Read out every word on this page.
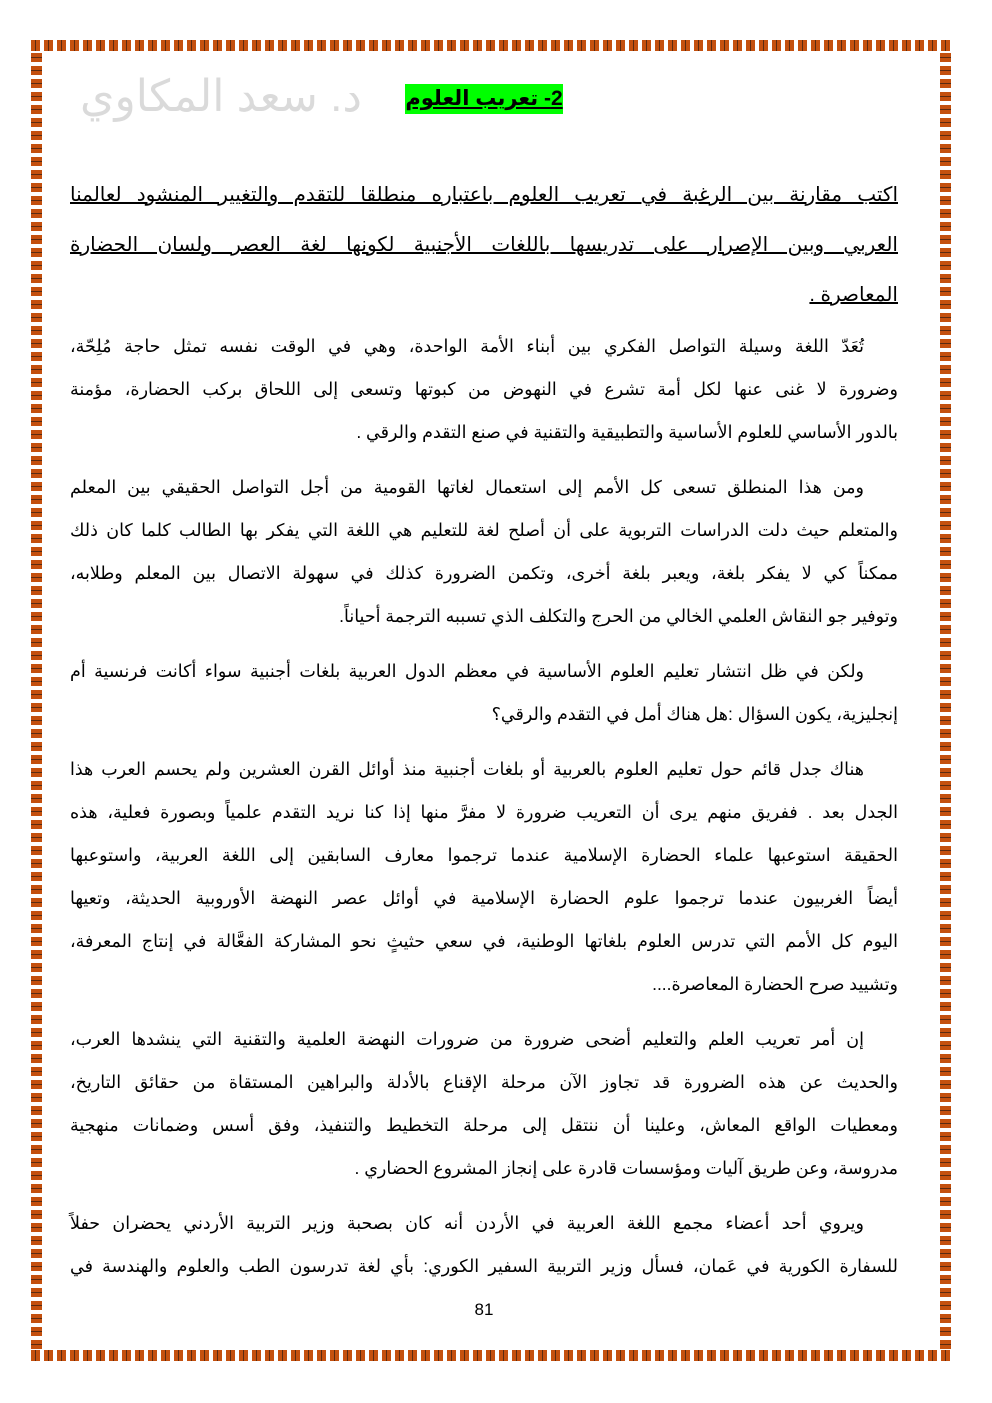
2- تعريب العلوم
د. سعد المكاوي
اكتب مقارنة بين الرغبة في تعريب العلوم باعتباره منطلقا للتقدم والتغيير المنشود لعالمنا
العربي وبين الإصرار على تدريسها باللغات الأجنبية لكونها لغة العصر ولسان الحضارة
المعاصرة .
تُعَدّ اللغة وسيلة التواصل الفكري بين أبناء الأمة الواحدة، وهي في الوقت نفسه تمثل حاجة مُلِحّة،
وضرورة لا غنى عنها لكل أمة تشرع في النهوض من كبوتها وتسعى إلى اللحاق بركب الحضارة، مؤمنة
بالدور الأساسي للعلوم الأساسية والتطبيقية والتقنية في صنع التقدم والرقي .
ومن هذا المنطلق تسعى كل الأمم إلى استعمال لغاتها القومية من أجل التواصل الحقيقي بين المعلم
والمتعلم حيث دلت الدراسات التربوية على أن أصلح لغة للتعليم هي اللغة التي يفكر بها الطالب كلما كان ذلك
ممكناً كي لا يفكر بلغة، ويعبر بلغة أخرى، وتكمن الضرورة كذلك في سهولة الاتصال بين المعلم وطلابه،
وتوفير جو النقاش العلمي الخالي من الحرج والتكلف الذي تسببه الترجمة أحياناً.
ولكن في ظل انتشار تعليم العلوم الأساسية في معظم الدول العربية بلغات أجنبية سواء أكانت فرنسية أم
إنجليزية، يكون السؤال :هل هناك أمل في التقدم والرقي؟
هناك جدل قائم حول تعليم العلوم بالعربية أو بلغات أجنبية منذ أوائل القرن العشرين ولم يحسم العرب هذا
الجدل بعد . ففريق منهم يرى أن التعريب ضرورة لا مفرَّ منها إذا كنا نريد التقدم علمياً وبصورة فعلية، هذه
الحقيقة استوعبها علماء الحضارة الإسلامية عندما ترجموا معارف السابقين إلى اللغة العربية، واستوعبها
أيضاً الغربيون عندما ترجموا علوم الحضارة الإسلامية في أوائل عصر النهضة الأوروبية الحديثة، وتعيها
اليوم كل الأمم التي تدرس العلوم بلغاتها الوطنية، في سعي حثيثٍ نحو المشاركة الفعَّالة في إنتاج المعرفة،
وتشييد صرح الحضارة المعاصرة....
إن أمر تعريب العلم والتعليم أضحى ضرورة من ضرورات النهضة العلمية والتقنية التي ينشدها العرب،
والحديث عن هذه الضرورة قد تجاوز الآن مرحلة الإقناع بالأدلة والبراهين المستقاة من حقائق التاريخ،
ومعطيات الواقع المعاش، وعلينا أن ننتقل إلى مرحلة التخطيط والتنفيذ، وفق أسس وضمانات منهجية
مدروسة، وعن طريق آليات ومؤسسات قادرة على إنجاز المشروع الحضاري .
ويروي أحد أعضاء مجمع اللغة العربية في الأردن أنه كان بصحبة وزير التربية الأردني يحضران حفلاً
للسفارة الكورية في عَمان، فسأل وزير التربية السفير الكوري: بأي لغة تدرسون الطب والعلوم والهندسة في
81
